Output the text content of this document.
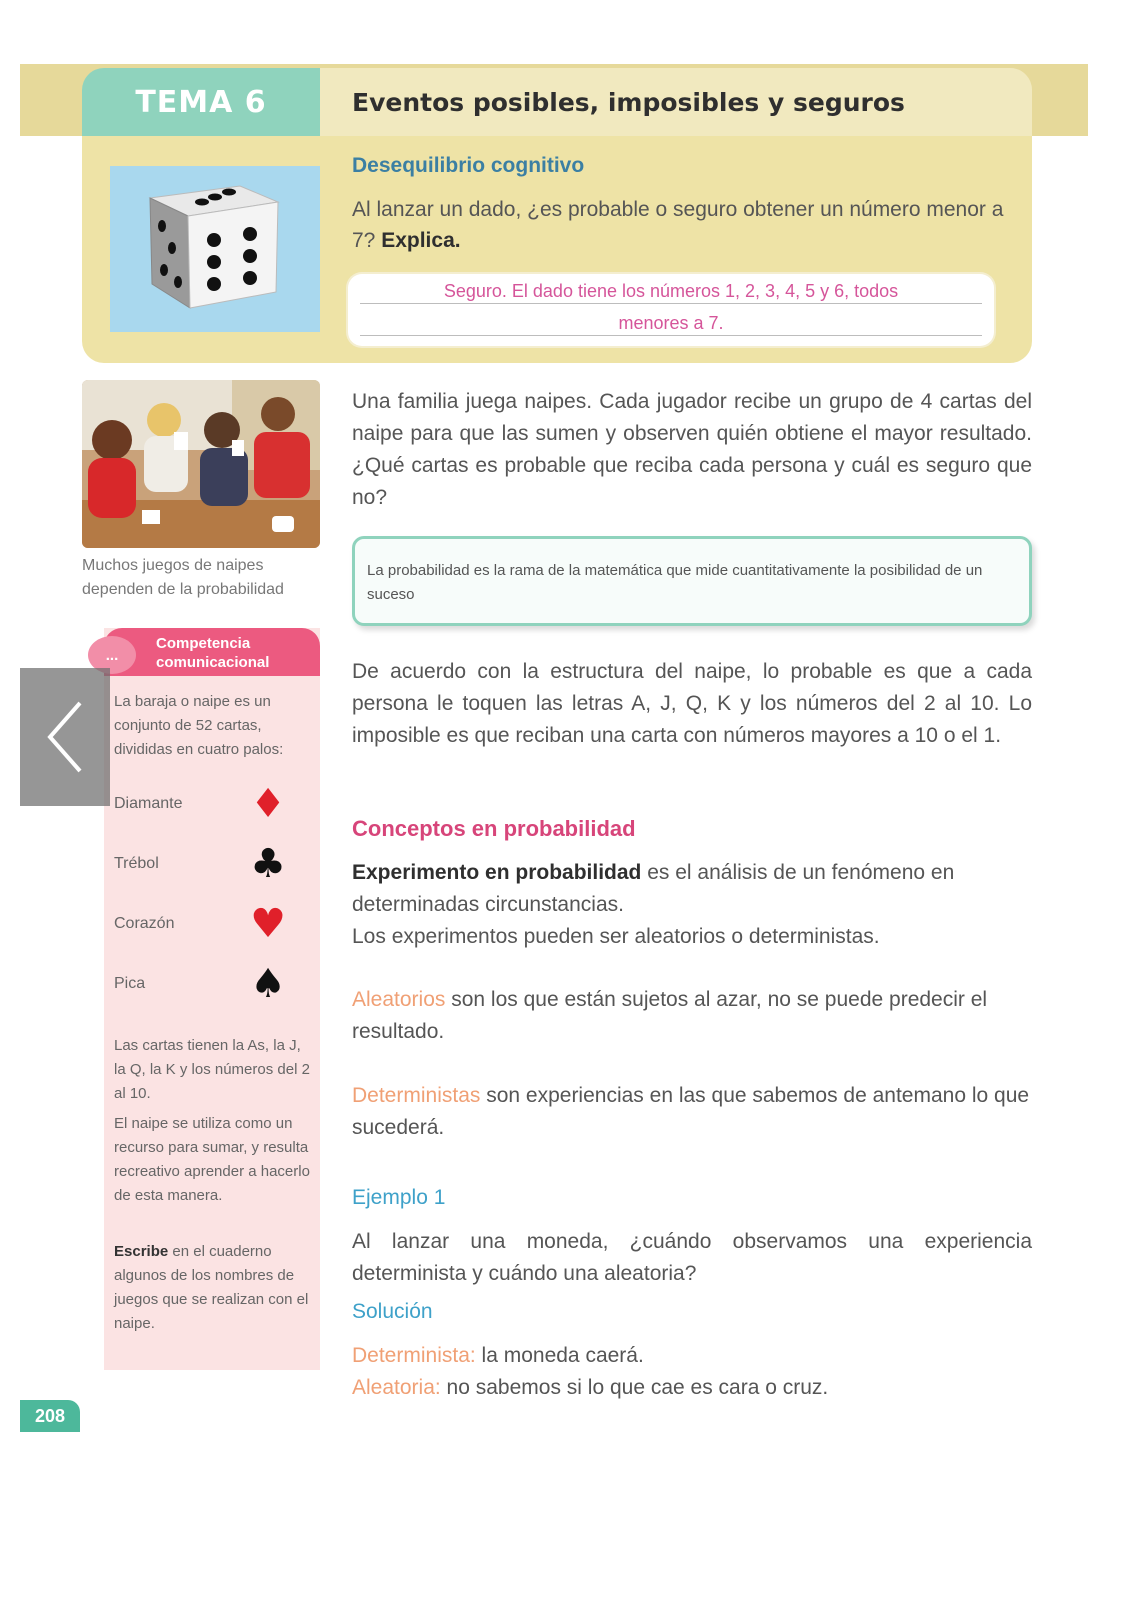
TEMA 6	Eventos posibles, imposibles y seguros
Desequilibrio cognitivo
Al lanzar un dado, ¿es probable o seguro obtener un número menor a 7? Explica.
Seguro. El dado tiene los números 1, 2, 3, 4, 5 y 6, todos
menores a 7.
Muchos juegos de naipes dependen de la probabilidad
...
Competencia comunicacional
La baraja o naipe es un conjunto de 52 cartas, divididas en cuatro palos:
Diamante ♦
Trébol ♣
Corazón ♥
Pica	♠
Las cartas tienen la As, la J, la Q, la K y los números del 2 al 10.
El naipe se utiliza como un recurso para sumar, y resulta recreativo aprender a hacerlo de esta manera.
Escribe en el cuaderno algunos de los nombres de juegos que se realizan con el naipe.
208
Una familia juega naipes. Cada jugador recibe un grupo de 4 cartas del naipe para que las sumen y observen quién obtiene el mayor resultado. ¿Qué cartas es probable que reciba cada persona y cuál es seguro que no?
La probabilidad es la rama de la matemática que mide cuantitativamente la posibilidad de un suceso
De acuerdo con la estructura del naipe, lo probable es que a cada persona le toquen las letras A, J, Q, K y los números del 2 al 10. Lo imposible es que reciban una carta con números mayores a 10 o el 1.
Conceptos en probabilidad
Experimento en probabilidad es el análisis de un fenómeno en determinadas circunstancias.
Los experimentos pueden ser aleatorios o deterministas.
Aleatorios son los que están sujetos al azar, no se puede predecir el resultado.
Deterministas son experiencias en las que sabemos de antemano lo que sucederá.
Ejemplo 1
Al lanzar una moneda, ¿cuándo observamos una experiencia determinista y cuándo una aleatoria?
Solución
Determinista: la moneda caerá.
Aleatoria: no sabemos si lo que cae es cara o cruz.
